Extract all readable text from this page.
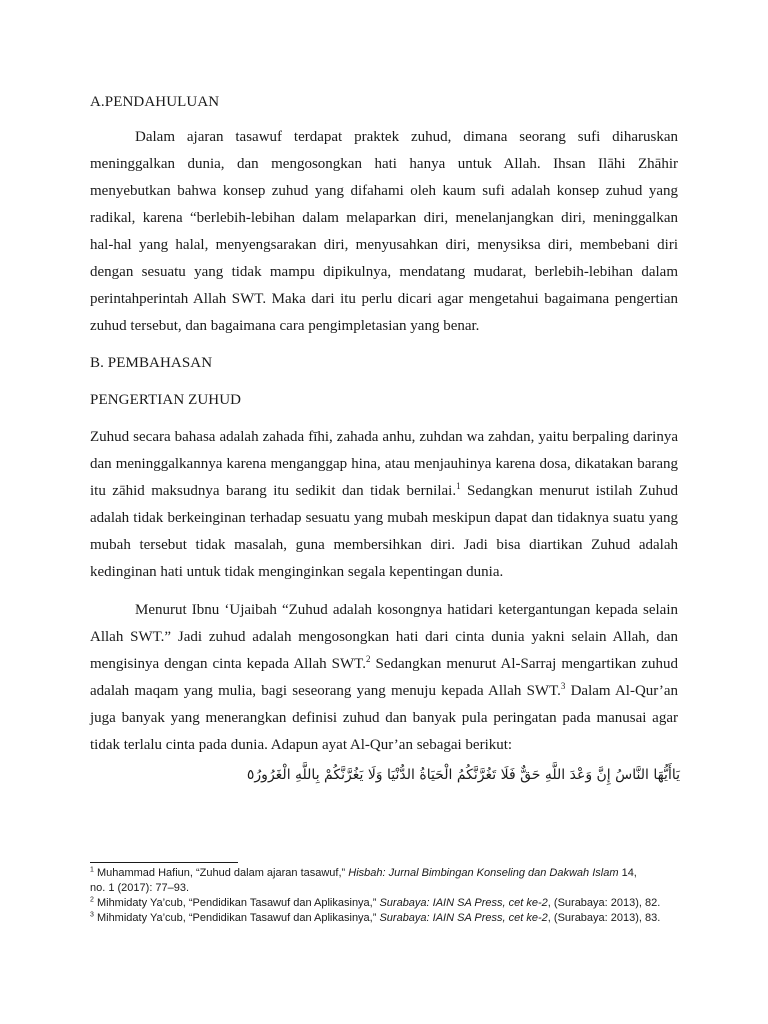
A.PENDAHULUAN
Dalam ajaran tasawuf terdapat praktek zuhud, dimana seorang sufi diharuskan
meninggalkan dunia, dan mengosongkan hati hanya untuk Allah. Ihsan Ilāhi Zhāhir
menyebutkan bahwa konsep zuhud yang difahami oleh kaum sufi adalah konsep zuhud yang
radikal, karena “berlebih-lebihan dalam melaparkan diri, menelanjangkan diri, meninggalkan
hal-hal yang halal, menyengsarakan diri, menyusahkan diri, menysiksa diri, membebani diri
dengan sesuatu yang tidak mampu dipikulnya, mendatang mudarat, berlebih-lebihan dalam
perintahperintah Allah SWT. Maka dari itu perlu dicari agar mengetahui bagaimana pengertian
zuhud tersebut, dan bagaimana cara pengimpletasian yang benar.
B. PEMBAHASAN
PENGERTIAN ZUHUD
Zuhud secara bahasa adalah zahada fīhi, zahada anhu, zuhdan wa zahdan, yaitu berpaling darinya
dan meninggalkannya karena menganggap hina, atau menjauhinya karena dosa, dikatakan barang
itu zāhid maksudnya barang itu sedikit dan tidak bernilai.$^1$ Sedangkan menurut istilah Zuhud
adalah tidak berkeinginan terhadap sesuatu yang mubah meskipun dapat dan tidaknya suatu yang
mubah tersebut tidak masalah, guna membersihkan diri. Jadi bisa diartikan Zuhud adalah
kedinginan hati untuk tidak menginginkan segala kepentingan dunia.
Menurut Ibnu ‘Ujaibah “Zuhud adalah kosongnya hatidari ketergantungan kepada selain
Allah SWT.” Jadi zuhud adalah mengosongkan hati dari cinta dunia yakni selain Allah, dan
mengisinya dengan cinta kepada Allah SWT.$^2$ Sedangkan menurut Al-Sarraj mengartikan zuhud
adalah maqam yang mulia, bagi seseorang yang menuju kepada Allah SWT.$^3$ Dalam Al-Qur’an
juga banyak yang menerangkan definisi zuhud dan banyak pula peringatan pada manusai agar
tidak terlalu cinta pada dunia. Adapun ayat Al-Qur’an sebagai berikut:
يَاأَيُّهَا النَّاسُ إِنَّ وَعْدَ اللَّهِ حَقٌّ فَلَا تَغُرَّنَّكُمُ الْحَيَاةُ الدُّنْيَا وَلَا يَغُرَّنَّكُمْ بِاللَّهِ الْغَرُورُ٥
$^1$ Muhammad Hafiun, “Zuhud dalam ajaran tasawuf,” Hisbah: Jurnal Bimbingan Konseling dan Dakwah Islam 14,
no. 1 (2017): 77–93.
$^2$ Mihmidaty Ya’cub, “Pendidikan Tasawuf dan Aplikasinya,” Surabaya: IAIN SA Press, cet ke-2, (Surabaya: 2013), 82.
$^3$ Mihmidaty Ya’cub, “Pendidikan Tasawuf dan Aplikasinya,” Surabaya: IAIN SA Press, cet ke-2, (Surabaya: 2013), 83.
